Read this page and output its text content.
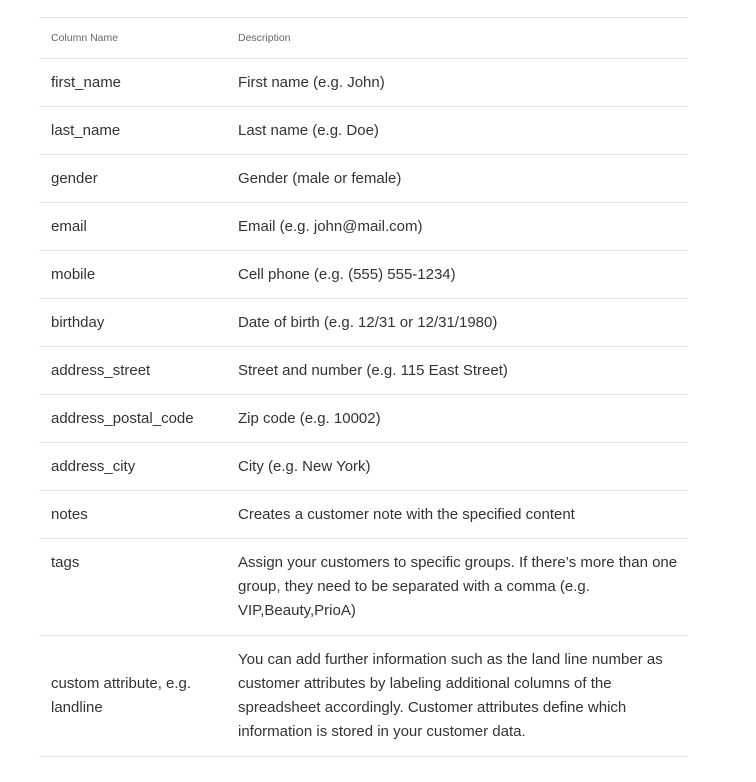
Column Name	Description
first_name	First name (e.g. John)
last_name	Last name (e.g. Doe)
gender	Gender (male or female)
email	Email (e.g. john@mail.com)
mobile	Cell phone (e.g. (555) 555-1234)
birthday	Date of birth (e.g. 12/31 or 12/31/1980)
address_street	Street and number (e.g. 115 East Street)
address_postal_code	Zip code (e.g. 10002)
address_city	City (e.g. New York)
notes	Creates a customer note with the specified content
tags	Assign your customers to specific groups. If there’s more than one group, they need to be separated with a comma (e.g. VIP,Beauty,PrioA)
custom attribute, e.g. landline	You can add further information such as the land line number as customer attributes by labeling additional columns of the spreadsheet accordingly. Customer attributes define which information is stored in your customer data.
